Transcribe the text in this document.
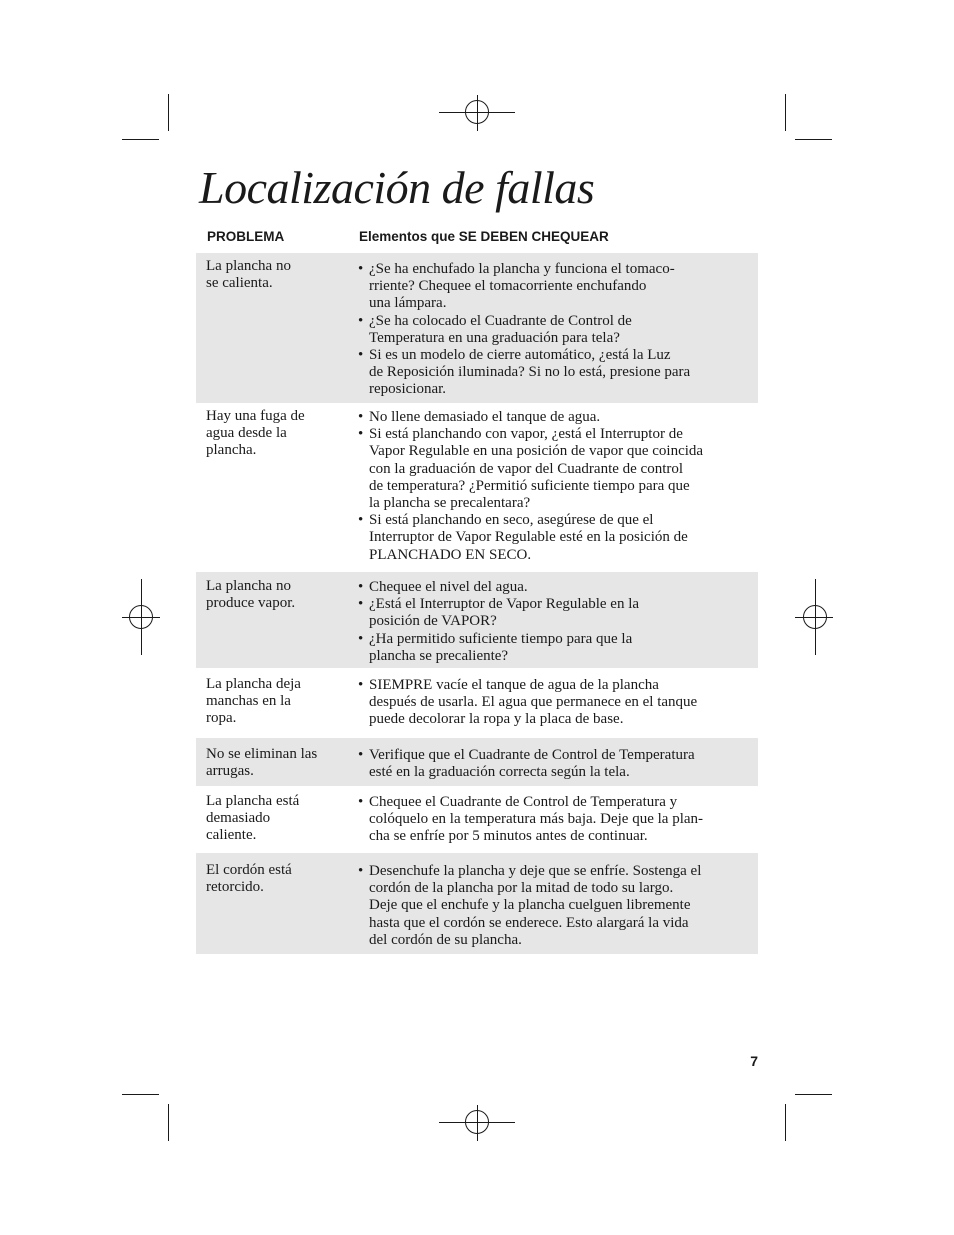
Localización de fallas
PROBLEMA	Elementos que SE DEBEN CHEQUEAR
La plancha no
se calienta.
• ¿Se ha enchufado la plancha y funciona el tomaco-
rriente? Chequee el tomacorriente enchufando
una lámpara.
• ¿Se ha colocado el Cuadrante de Control de
Temperatura en una graduación para tela?
• Si es un modelo de cierre automático, ¿está la Luz
de Reposición iluminada? Si no lo está, presione para
reposicionar.
Hay una fuga de
agua desde la
plancha.
• No llene demasiado el tanque de agua.
• Si está planchando con vapor, ¿está el Interruptor de
Vapor Regulable en una posición de vapor que coincida
con la graduación de vapor del Cuadrante de control
de temperatura? ¿Permitió suficiente tiempo para que
la plancha se precalentara?
• Si está planchando en seco, asegúrese de que el
Interruptor de Vapor Regulable esté en la posición de
PLANCHADO EN SECO.
La plancha no
produce vapor.
• Chequee el nivel del agua.
• ¿Está el Interruptor de Vapor Regulable en la
posición de VAPOR?
• ¿Ha permitido suficiente tiempo para que la
plancha se precaliente?
La plancha deja
manchas en la
ropa.
• SIEMPRE vacíe el tanque de agua de la plancha
después de usarla. El agua que permanece en el tanque
puede decolorar la ropa y la placa de base.
No se eliminan las
arrugas.
• Verifique que el Cuadrante de Control de Temperatura
esté en la graduación correcta según la tela.
La plancha está
demasiado
caliente.
• Chequee el Cuadrante de Control de Temperatura y
colóquelo en la temperatura más baja. Deje que la plan-
cha se enfríe por 5 minutos antes de continuar.
El cordón está
retorcido.
• Desenchufe la plancha y deje que se enfríe. Sostenga el
cordón de la plancha por la mitad de todo su largo.
Deje que el enchufe y la plancha cuelguen libremente
hasta que el cordón se enderece. Esto alargará la vida
del cordón de su plancha.
7
